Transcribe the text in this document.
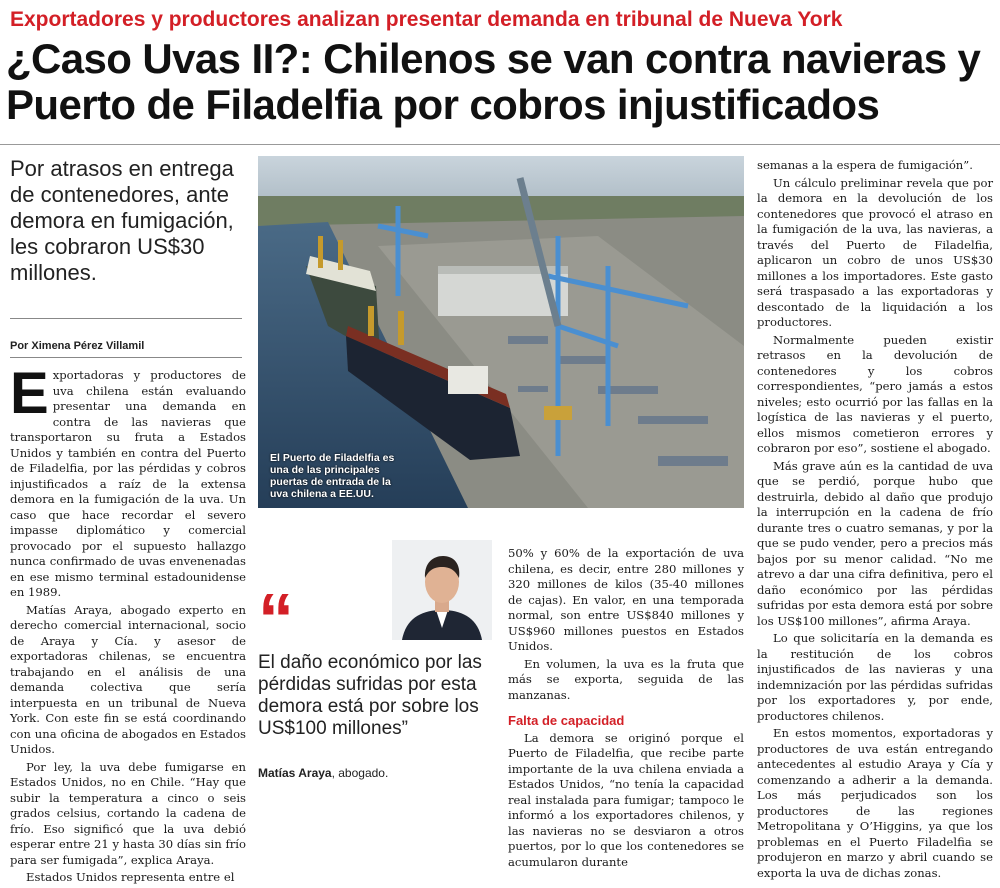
Exportadores y productores analizan presentar demanda en tribunal de Nueva York
¿Caso Uvas II?: Chilenos se van contra navieras y Puerto de Filadelfia por cobros injustificados
Por atrasos en entrega de contenedores, ante demora en fumigación, les cobraron US$30 millones.
Por Ximena Pérez Villamil

Exportadoras y productores de uva chilena están evaluando presentar una demanda en contra de las navieras que transportaron su fruta a Estados Unidos y también en contra del Puerto de Filadelfia, por las pérdidas y cobros injustificados a raíz de la extensa demora en la fumigación de la uva. Un caso que hace recordar el severo impasse diplomático y comercial provocado por el supuesto hallazgo nunca confirmado de uvas envenenadas en ese mismo terminal estadounidense en 1989.

Matías Araya, abogado experto en derecho comercial internacional, socio de Araya y Cía. y asesor de exportadoras chilenas, se encuentra trabajando en el análisis de una demanda colectiva que sería interpuesta en un tribunal de Nueva York. Con este fin se está coordinando con una oficina de abogados en Estados Unidos.

Por ley, la uva debe fumigarse en Estados Unidos, no en Chile. “Hay que subir la temperatura a cinco o seis grados celsius, cortando la cadena de frío. Eso significó que la uva debió esperar entre 21 y hasta 30 días sin frío para ser fumigada”, explica Araya.

Estados Unidos representa entre el

El Puerto de Filadelfia es una de las principales puertas de entrada de la uva chilena a EE.UU.
“
El daño económico por las pérdidas sufridas por esta demora está por sobre los US$100 millones”
Matías Araya, abogado.

50% y 60% de la exportación de uva chilena, es decir, entre 280 millones y 320 millones de kilos (35-40 millones de cajas). En valor, en una temporada normal, son entre US$840 millones y US$960 millones puestos en Estados Unidos.

En volumen, la uva es la fruta que más se exporta, seguida de las manzanas.

Falta de capacidad

La demora se originó porque el Puerto de Filadelfia, que recibe parte importante de la uva chilena enviada a Estados Unidos, “no tenía la capacidad real instalada para fumigar; tampoco le informó a los exportadores chilenos, y las navieras no se desviaron a otros puertos, por lo que los contenedores se acumularon durante

semanas a la espera de fumigación”.

Un cálculo preliminar revela que por la demora en la devolución de los contenedores que provocó el atraso en la fumigación de la uva, las navieras, a través del Puerto de Filadelfia, aplicaron un cobro de unos US$30 millones a los importadores. Este gasto será traspasado a las exportadoras y descontado de la liquidación a los productores.

Normalmente pueden existir retrasos en la devolución de contenedores y los cobros correspondientes, “pero jamás a estos niveles; esto ocurrió por las fallas en la logística de las navieras y el puerto, ellos mismos cometieron errores y cobraron por eso”, sostiene el abogado.

Más grave aún es la cantidad de uva que se perdió, porque hubo que destruirla, debido al daño que produjo la interrupción en la cadena de frío durante tres o cuatro semanas, y por la que se pudo vender, pero a precios más bajos por su menor calidad. “No me atrevo a dar una cifra definitiva, pero el daño económico por las pérdidas sufridas por esta demora está por sobre los US$100 millones”, afirma Araya.

Lo que solicitaría en la demanda es la restitución de los cobros injustificados de las navieras y una indemnización por las pérdidas sufridas por los exportadores y, por ende, productores chilenos.

En estos momentos, exportadoras y productores de uva están entregando antecedentes al estudio Araya y Cía y comenzando a adherir a la demanda. Los más perjudicados son los productores de las regiones Metropolitana y O’Higgins, ya que los problemas en el Puerto Filadelfia se produjeron en marzo y abril cuando se exporta la uva de dichas zonas.
